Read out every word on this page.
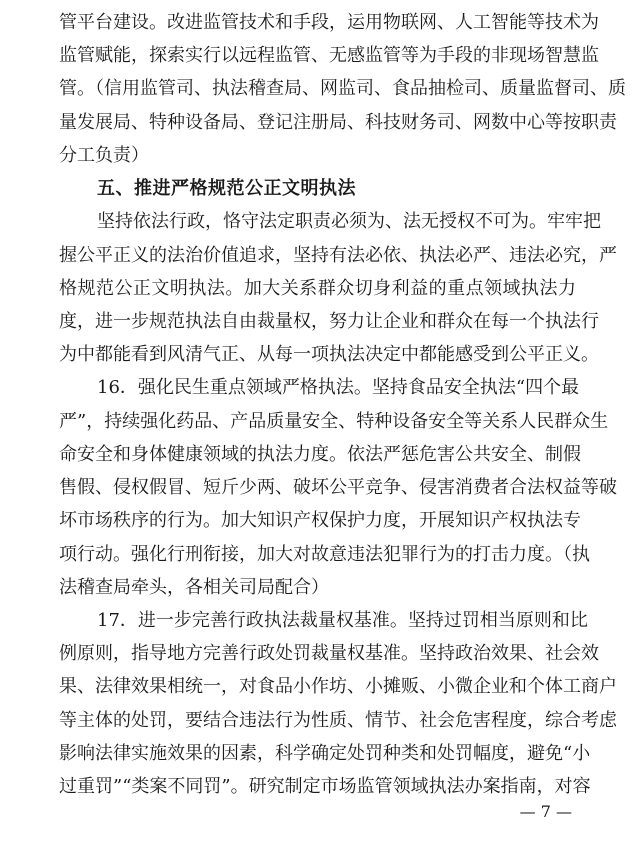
管平台建设。改进监管技术和手段，运用物联网、人工智能等技术为
监管赋能，探索实行以远程监管、无感监管等为手段的非现场智慧监
管。（信用监管司、执法稽查局、网监司、食品抽检司、质量监督司、质
量发展局、特种设备局、登记注册局、科技财务司、网数中心等按职责
分工负责）
五、推进严格规范公正文明执法
坚持依法行政，恪守法定职责必须为、法无授权不可为。牢牢把
握公平正义的法治价值追求，坚持有法必依、执法必严、违法必究，严
格规范公正文明执法。加大关系群众切身利益的重点领域执法力
度，进一步规范执法自由裁量权，努力让企业和群众在每一个执法行
为中都能看到风清气正、从每一项执法决定中都能感受到公平正义。
16．强化民生重点领域严格执法。坚持食品安全执法“四个最
严”，持续强化药品、产品质量安全、特种设备安全等关系人民群众生
命安全和身体健康领域的执法力度。依法严惩危害公共安全、制假
售假、侵权假冒、短斤少两、破坏公平竞争、侵害消费者合法权益等破
坏市场秩序的行为。加大知识产权保护力度，开展知识产权执法专
项行动。强化行刑衔接，加大对故意违法犯罪行为的打击力度。（执
法稽查局牵头，各相关司局配合）
17．进一步完善行政执法裁量权基准。坚持过罚相当原则和比
例原则，指导地方完善行政处罚裁量权基准。坚持政治效果、社会效
果、法律效果相统一，对食品小作坊、小摊贩、小微企业和个体工商户
等主体的处罚，要结合违法行为性质、情节、社会危害程度，综合考虑
影响法律实施效果的因素，科学确定处罚种类和处罚幅度，避免“小
过重罚”“类案不同罚”。研究制定市场监管领域执法办案指南，对容
— 7 —
